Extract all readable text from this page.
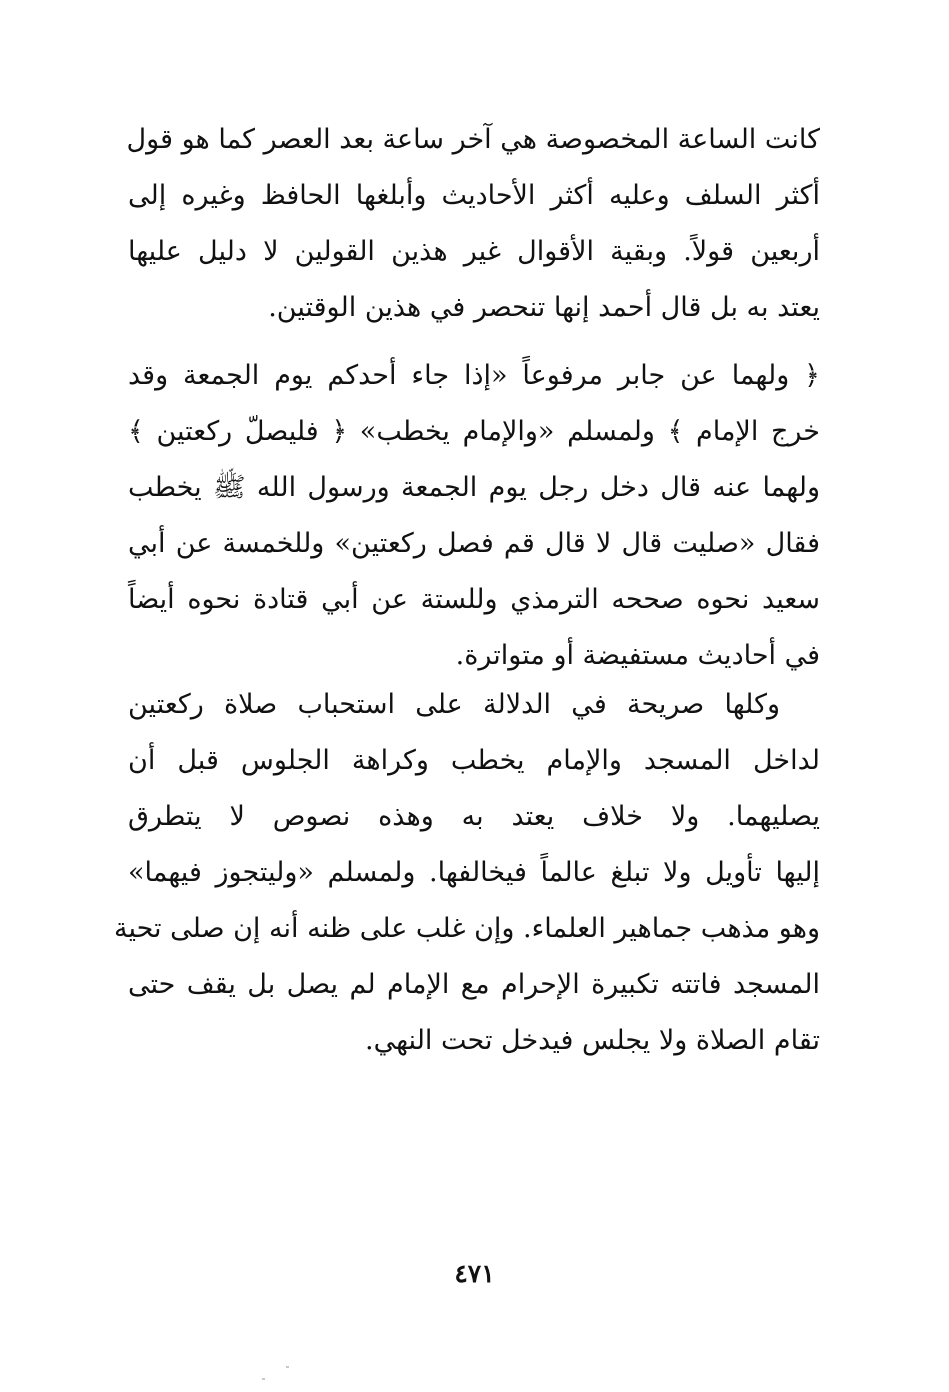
كانت الساعة المخصوصة هي آخر ساعة بعد العصر كما هو قول
أكثر السلف وعليه أكثر الأحاديث وأبلغها الحافظ وغيره إلى
أربعين قولاً. وبقية الأقوال غير هذين القولين لا دليل عليها
يعتد به بل قال أحمد إنها تنحصر في هذين الوقتين.
﴿ ولهما عن جابر مرفوعاً «إذا جاء أحدكم يوم الجمعة وقد
خرج الإمام ﴾ ولمسلم «والإمام يخطب» ﴿ فليصلّ ركعتين ﴾
ولهما عنه قال دخل رجل يوم الجمعة ورسول الله ﷺ يخطب
فقال «صليت قال لا قال قم فصل ركعتين» وللخمسة عن أبي
سعيد نحوه صححه الترمذي وللستة عن أبي قتادة نحوه أيضاً
في أحاديث مستفيضة أو متواترة.
وكلها صريحة في الدلالة على استحباب صلاة ركعتين
لداخل المسجد والإمام يخطب وكراهة الجلوس قبل أن
يصليهما. ولا خلاف يعتد به وهذه نصوص لا يتطرق
إليها تأويل ولا تبلغ عالماً فيخالفها. ولمسلم «وليتجوز فيهما»
وهو مذهب جماهير العلماء. وإن غلب على ظنه أنه إن صلى تحية
المسجد فاتته تكبيرة الإحرام مع الإمام لم يصل بل يقف حتى
تقام الصلاة ولا يجلس فيدخل تحت النهي.
٤٧١
